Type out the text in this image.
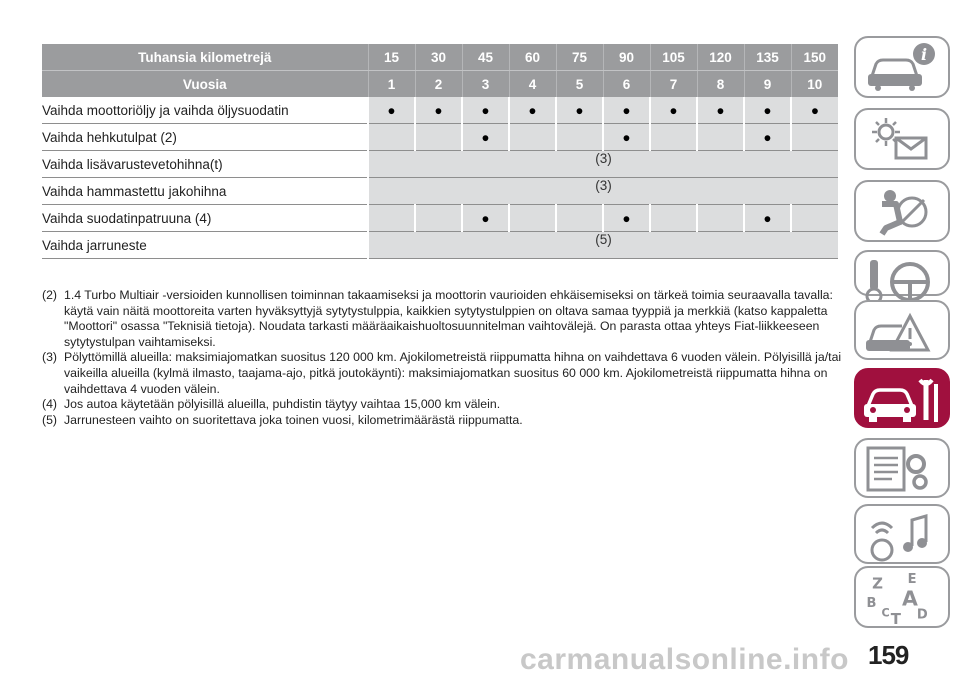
Tuhansia kilometrejä	15	30	45	60	75	90	105	120	135	150
Vuosia	1	2	3	4	5	6	7	8	9	10
Vaihda moottoriöljy ja vaihda öljysuodatin	●	●	●	●	●	●	●	●	●	●
Vaihda hehkutulpat (2)			●			●			●	
Vaihda lisävarustevetohihna(t)	(3)									
Vaihda hammastettu jakohihna	(3)									
Vaihda suodatinpatruuna (4)			●			●			●	
Vaihda jarruneste	(5)									
(2) 1.4 Turbo Multiair -versioiden kunnollisen toiminnan takaamiseksi ja moottorin vaurioiden ehkäisemiseksi on tärkeä toimia seuraavalla tavalla: käytä vain näitä moottoreita varten hyväksyttyjä sytytystulppia, kaikkien sytytystulppien on oltava samaa tyyppiä ja merkkiä (katso kappaletta "Moottori" osassa "Teknisiä tietoja). Noudata tarkasti määräaikaishuoltosuunnitelman vaihtovälejä. On parasta ottaa yhteys Fiat-liikkeeseen sytytystulpan vaihtamiseksi.
(3) Pölyttömillä alueilla: maksimiajomatkan suositus 120 000 km. Ajokilometreistä riippumatta hihna on vaihdettava 6 vuoden välein. Pölyisillä ja/tai vaikeilla alueilla (kylmä ilmasto, taajama-ajo, pitkä joutokäynti): maksimiajomatkan suositus 60 000 km. Ajokilometreistä riippumatta hihna on vaihdettava 4 vuoden välein.
(4) Jos autoa käytetään pölyisillä alueilla, puhdistin täytyy vaihtaa 15,000 km välein.
(5) Jarrunesteen vaihto on suoritettava joka toinen vuosi, kilometrimäärästä riippumatta.
i
Z E
B A
C D
T
159
carmanualsonline.info
